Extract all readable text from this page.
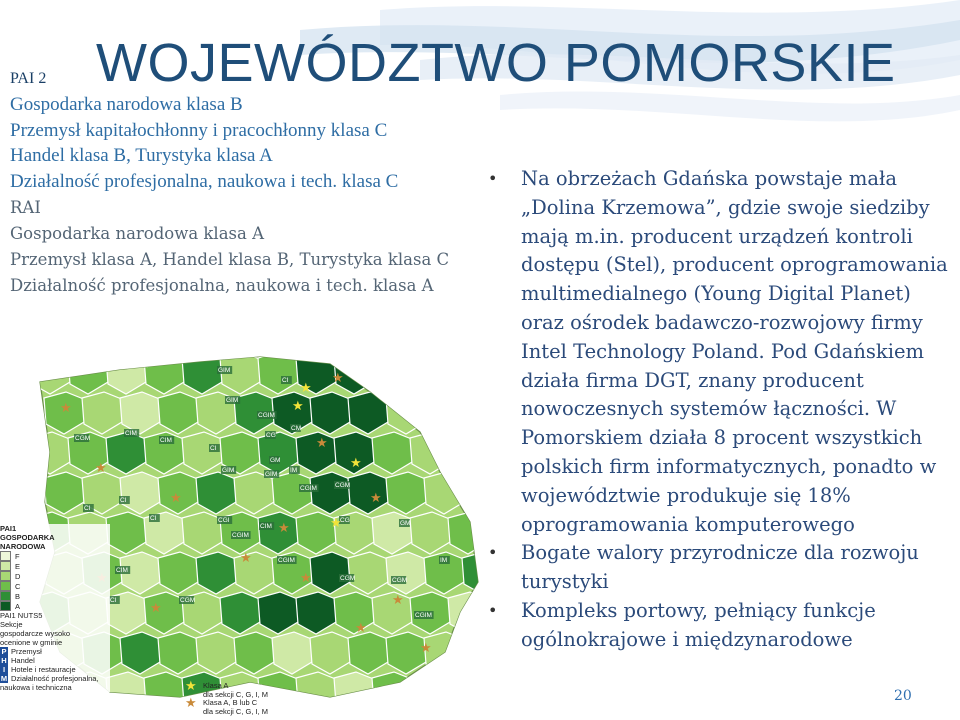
WOJEWÓDZTWO POMORSKIE
PAI 2
Gospodarka narodowa klasa B
Przemysł kapitałochłonny i pracochłonny klasa C
Handel klasa B, Turystyka klasa A
Działalność profesjonalna, naukowa i tech. klasa C
RAI
Gospodarka narodowa klasa A
Przemysł klasa A, Handel klasa B, Turystyka klasa C
Działalność profesjonalna, naukowa i tech. klasa A
• Na obrzeżach Gdańska powstaje mała „Dolina Krzemowa”, gdzie swoje siedziby mają m.in. producent urządzeń kontroli dostępu (Stel), producent oprogramowania multimedialnego (Young Digital Planet) oraz ośrodek badawczo-rozwojowy firmy Intel Technology Poland. Pod Gdańskiem działa firma DGT, znany producent nowoczesnych systemów łączności. W Pomorskiem działa 8 procent wszystkich polskich firm informatycznych, ponadto w województwie produkuje się 18% oprogramowania komputerowego
• Bogate walory przyrodnicze dla rozwoju turystyki
• Kompleks portowy, pełniący funkcje ogólnokrajowe i międzynarodowe
20
GIM
CI
GIM
CGIM
CIM
CGM	CIM
CI
CG
CM
GIM
GM
IM
GIM
CGIM	CGM
CI
CI
CI	CGI
CIM
CGIM
CG	GM
CIM
CGIM
CGM	CGM
IM
CI	CGM
CGIM
★
★
★
★
★
★	★
★
★
★
★
★
★
★
★
★
★
PAI1
GOSPODARKA
NARODOWA
F
E
D
C
B
A
PAI1 NUTS5
Sekcje
gospodarcze wysoko
ocenione w gminie
P Przemysł
H Handel
I Hotele i restauracje
M Działalność profesjonalna, naukowa i techniczna	★ Klasa A
dla sekcji C, G, I, M
★ Klasa A, B lub C
dla sekcji C, G, I, M
